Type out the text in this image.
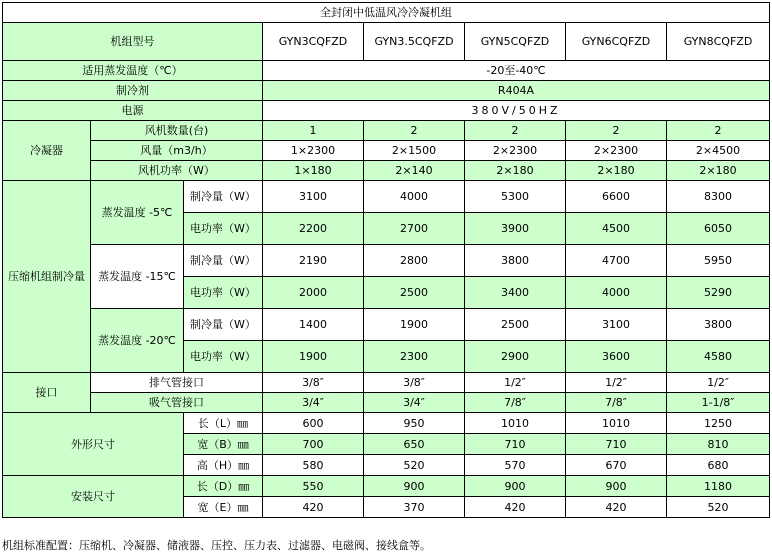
全封闭中低温风冷冷凝机组							
机组型号			GYN3CQFZD	GYN3.5CQFZD	GYN5CQFZD	GYN6CQFZD	GYN8CQFZD
适用蒸发温度（℃）			-20至-40℃				
制冷剂			R404A				
电源			380V/50HZ				
冷凝器	风机数量(台)		1	2	2	2	2
	风量（m3/h）		1×2300	2×1500	2×2300	2×2300	2×4500
	风机功率（W）		1×180	2×140	2×180	2×180	2×180
压缩机组制冷量	蒸发温度 -5℃	制冷量（W）	3100	4000	5300	6600	8300
		电功率（W）	2200	2700	3900	4500	6050
	蒸发温度 -15℃	制冷量（W）	2190	2800	3800	4700	5950
		电功率（W）	2000	2500	3400	4000	5290
	蒸发温度 -20℃	制冷量（W）	1400	1900	2500	3100	3800
		电功率（W）	1900	2300	2900	3600	4580
接口	排气管接口		3/8″	3/8″	1/2″	1/2″	1/2″
	吸气管接口		3/4″	3/4″	7/8″	7/8″	1-1/8″
外形尺寸		长（L）㎜	600	950	1010	1010	1250
		宽（B）㎜	700	650	710	710	810
		高（H）㎜	580	520	570	670	680
安装尺寸		长（D）㎜	550	900	900	900	1180
		宽（E）㎜	420	370	420	420	520
机组标准配置：压缩机、冷凝器、储液器、压控、压力表、过滤器、电磁阀、接线盒等。
